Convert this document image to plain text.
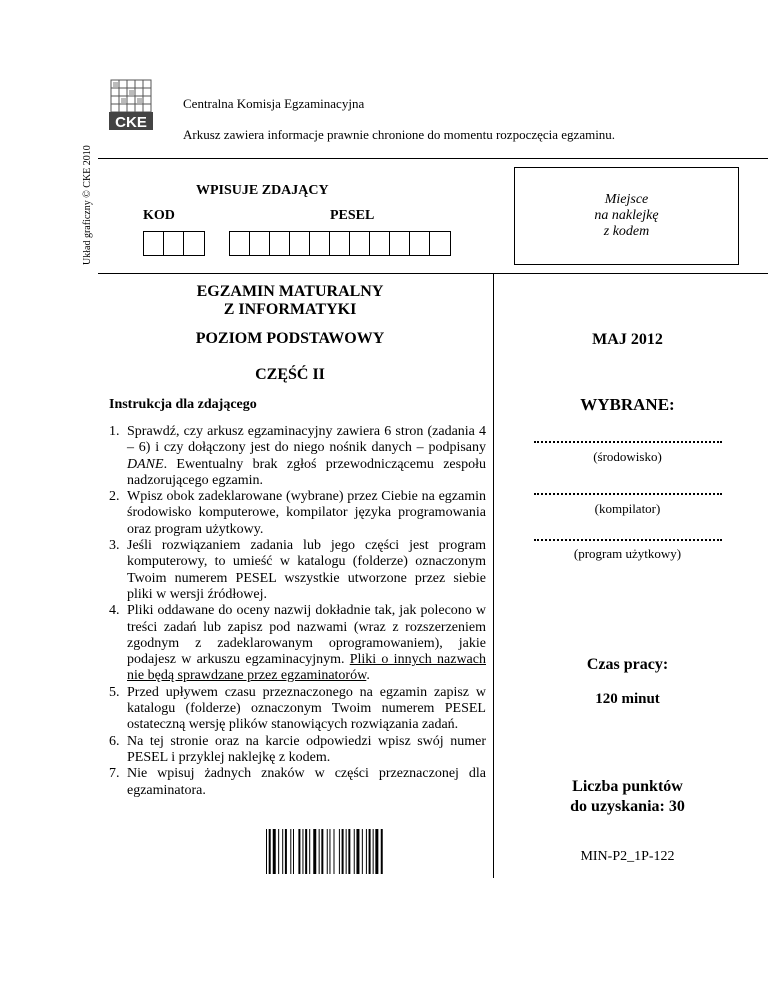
Układ graficzny © CKE 2010
CKE
Centralna Komisja Egzaminacyjna
Arkusz zawiera informacje prawnie chronione do momentu rozpoczęcia egzaminu.
WPISUJE ZDAJĄCY
KOD	PESEL
Miejsce
na naklejkę
z kodem
EGZAMIN MATURALNY
Z INFORMATYKI
POZIOM PODSTAWOWY
CZĘŚĆ II
Instrukcja dla zdającego
1. Sprawdź, czy arkusz egzaminacyjny zawiera 6 stron (zadania 4 – 6) i czy dołączony jest do niego nośnik danych – podpisany DANE. Ewentualny brak zgłoś przewodniczącemu zespołu nadzorującego egzamin.
2. Wpisz obok zadeklarowane (wybrane) przez Ciebie na egzamin środowisko komputerowe, kompilator języka programowania oraz program użytkowy.
3. Jeśli rozwiązaniem zadania lub jego części jest program komputerowy, to umieść w katalogu (folderze) oznaczonym Twoim numerem PESEL wszystkie utworzone przez siebie pliki w wersji źródłowej.
4. Pliki oddawane do oceny nazwij dokładnie tak, jak polecono w treści zadań lub zapisz pod nazwami (wraz z rozszerzeniem zgodnym z zadeklarowanym oprogramowaniem), jakie podajesz w arkuszu egzaminacyjnym. Pliki o innych nazwach nie będą sprawdzane przez egzaminatorów.
5. Przed upływem czasu przeznaczonego na egzamin zapisz w katalogu (folderze) oznaczonym Twoim numerem PESEL ostateczną wersję plików stanowiących rozwiązania zadań.
6. Na tej stronie oraz na karcie odpowiedzi wpisz swój numer PESEL i przyklej naklejkę z kodem.
7. Nie wpisuj żadnych znaków w części przeznaczonej dla egzaminatora.
MAJ 2012
WYBRANE:
(środowisko)
(kompilator)
(program użytkowy)
Czas pracy:
120 minut
Liczba punktów
do uzyskania: 30
MIN-P2_1P-122
